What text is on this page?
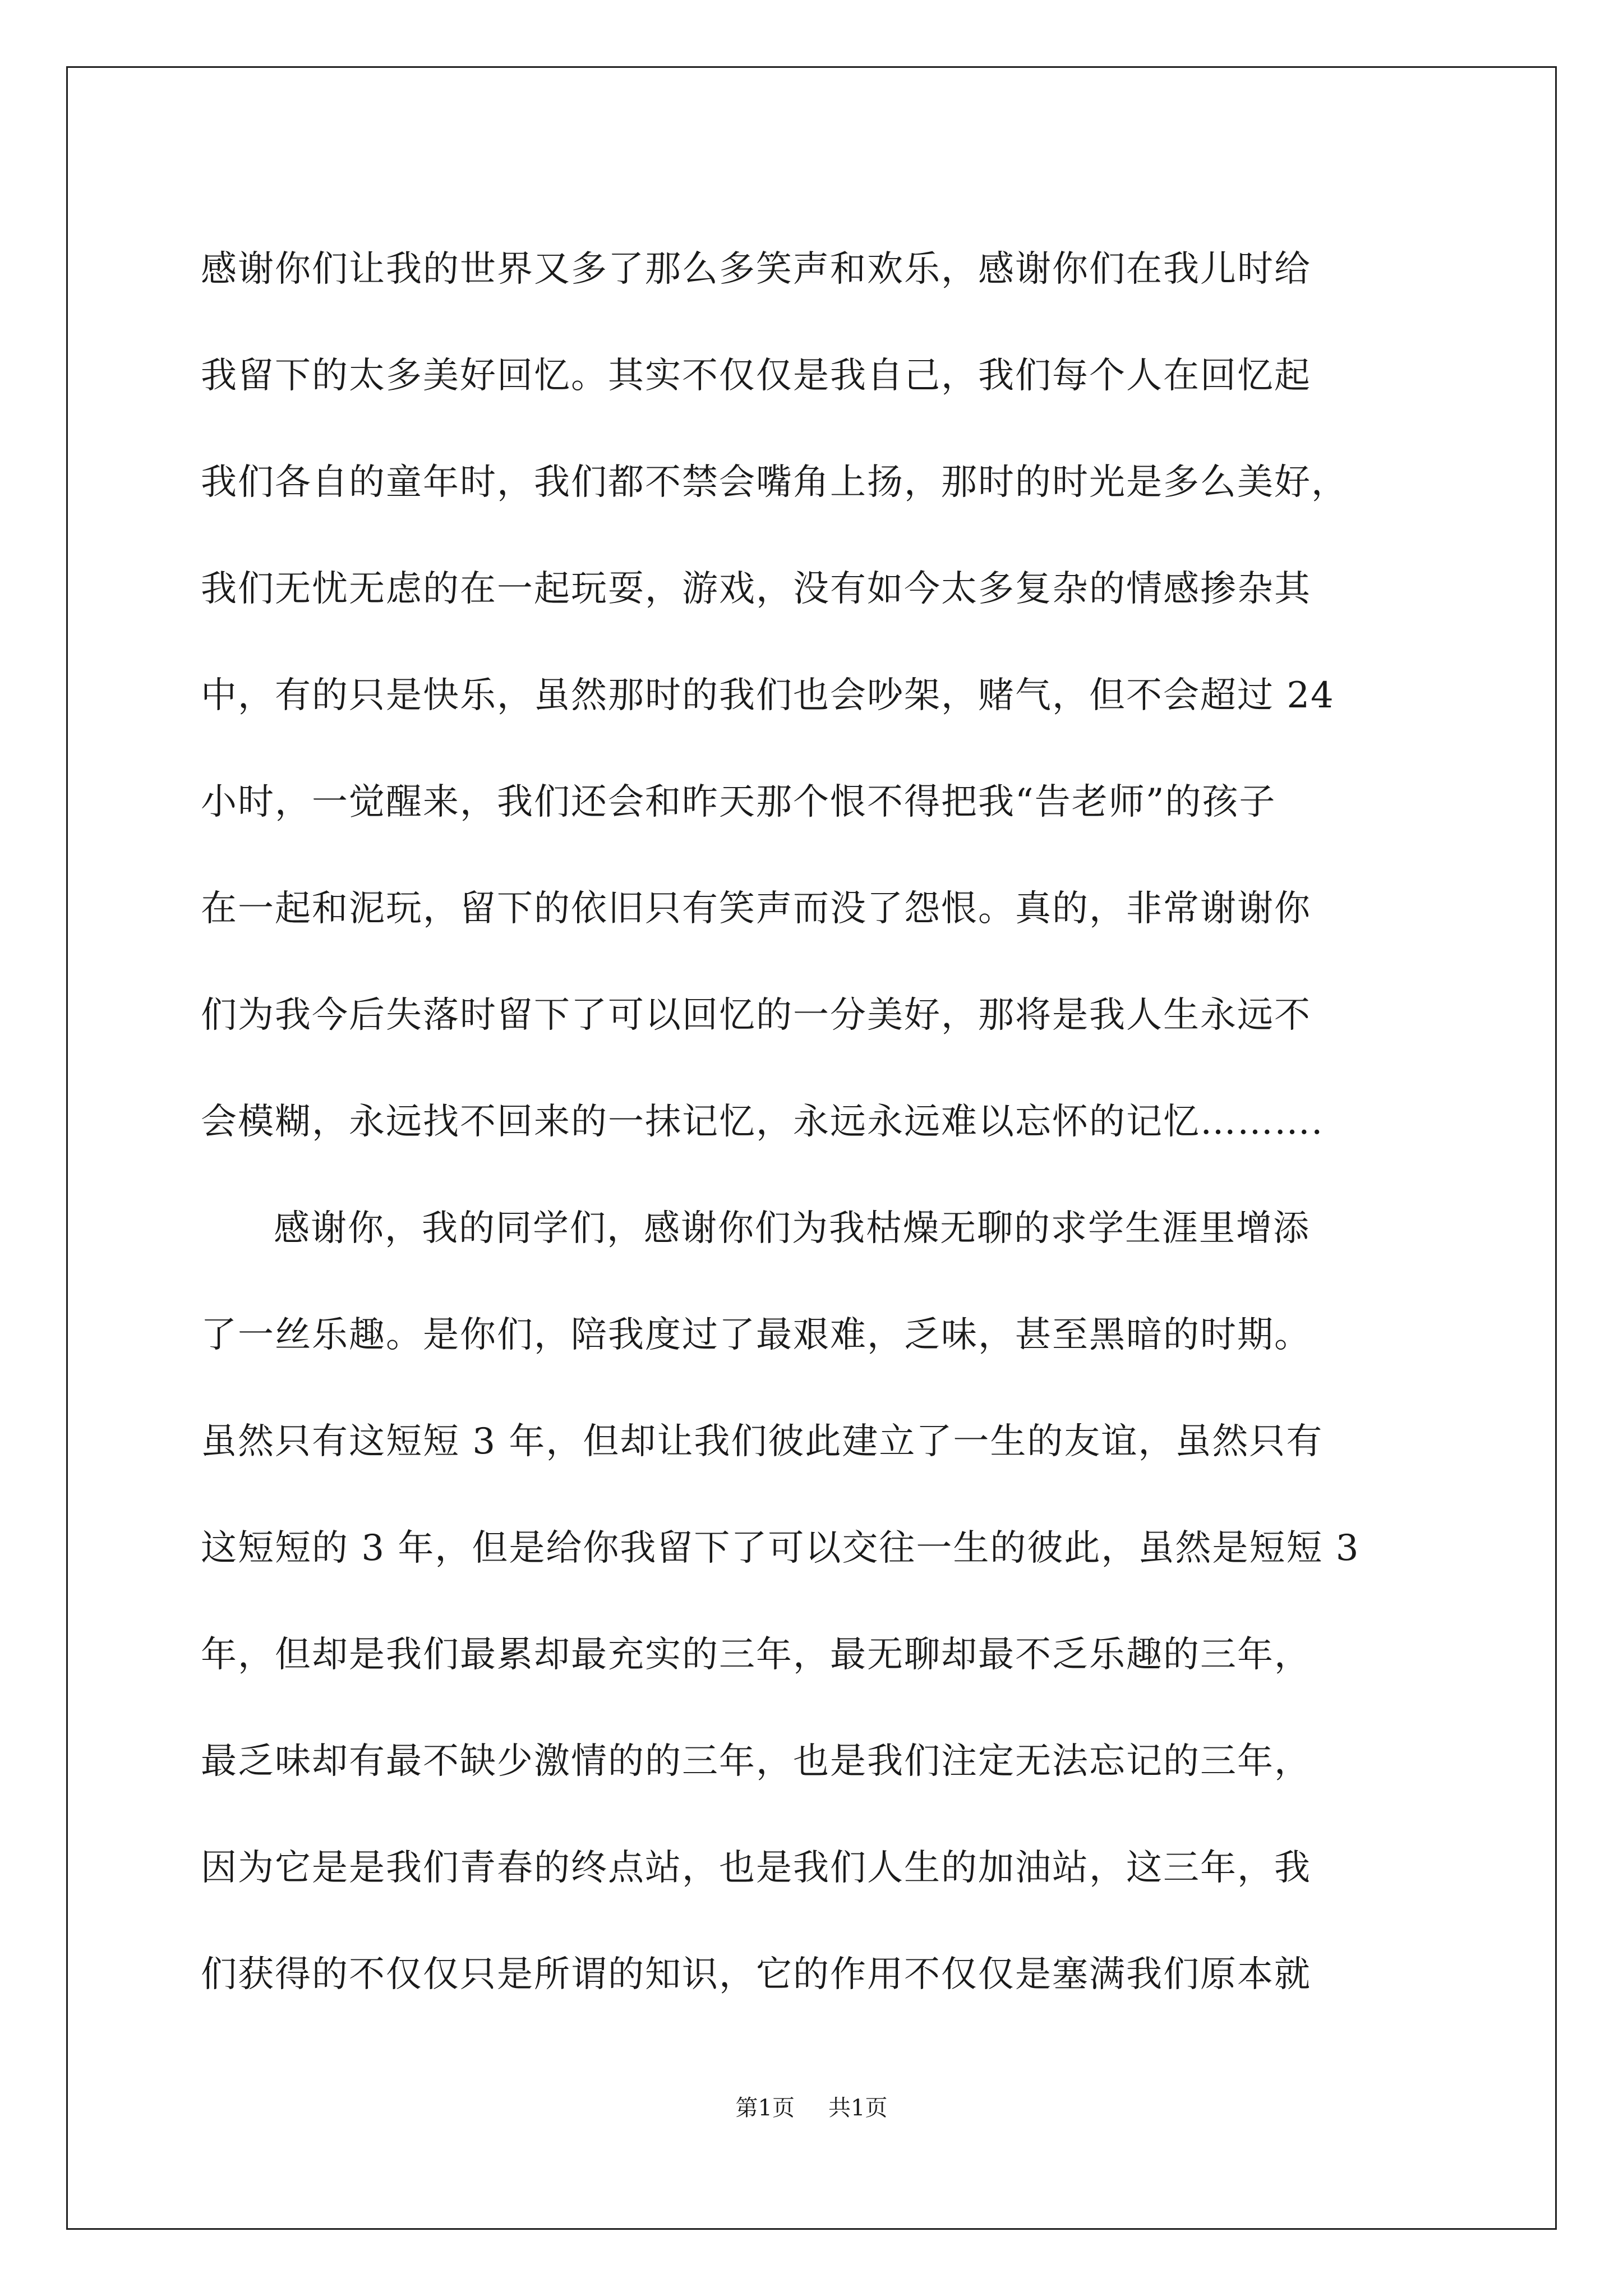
感谢你们让我的世界又多了那么多笑声和欢乐，感谢你们在我儿时给
我留下的太多美好回忆。其实不仅仅是我自己，我们每个人在回忆起
我们各自的童年时，我们都不禁会嘴角上扬，那时的时光是多么美好，
我们无忧无虑的在一起玩耍，游戏，没有如今太多复杂的情感掺杂其
中，有的只是快乐，虽然那时的我们也会吵架，赌气，但不会超过 24
小时，一觉醒来，我们还会和昨天那个恨不得把我“告老师”的孩子
在一起和泥玩，留下的依旧只有笑声而没了怨恨。真的，非常谢谢你
们为我今后失落时留下了可以回忆的一分美好，那将是我人生永远不
会模糊，永远找不回来的一抹记忆，永远永远难以忘怀的记忆……….
感谢你，我的同学们，感谢你们为我枯燥无聊的求学生涯里增添
了一丝乐趣。是你们，陪我度过了最艰难，乏味，甚至黑暗的时期。
虽然只有这短短 3 年，但却让我们彼此建立了一生的友谊，虽然只有
这短短的 3 年，但是给你我留下了可以交往一生的彼此，虽然是短短 3
年，但却是我们最累却最充实的三年，最无聊却最不乏乐趣的三年，
最乏味却有最不缺少激情的的三年，也是我们注定无法忘记的三年，
因为它是是我们青春的终点站，也是我们人生的加油站，这三年，我
们获得的不仅仅只是所谓的知识，它的作用不仅仅是塞满我们原本就
第1页 共1页
